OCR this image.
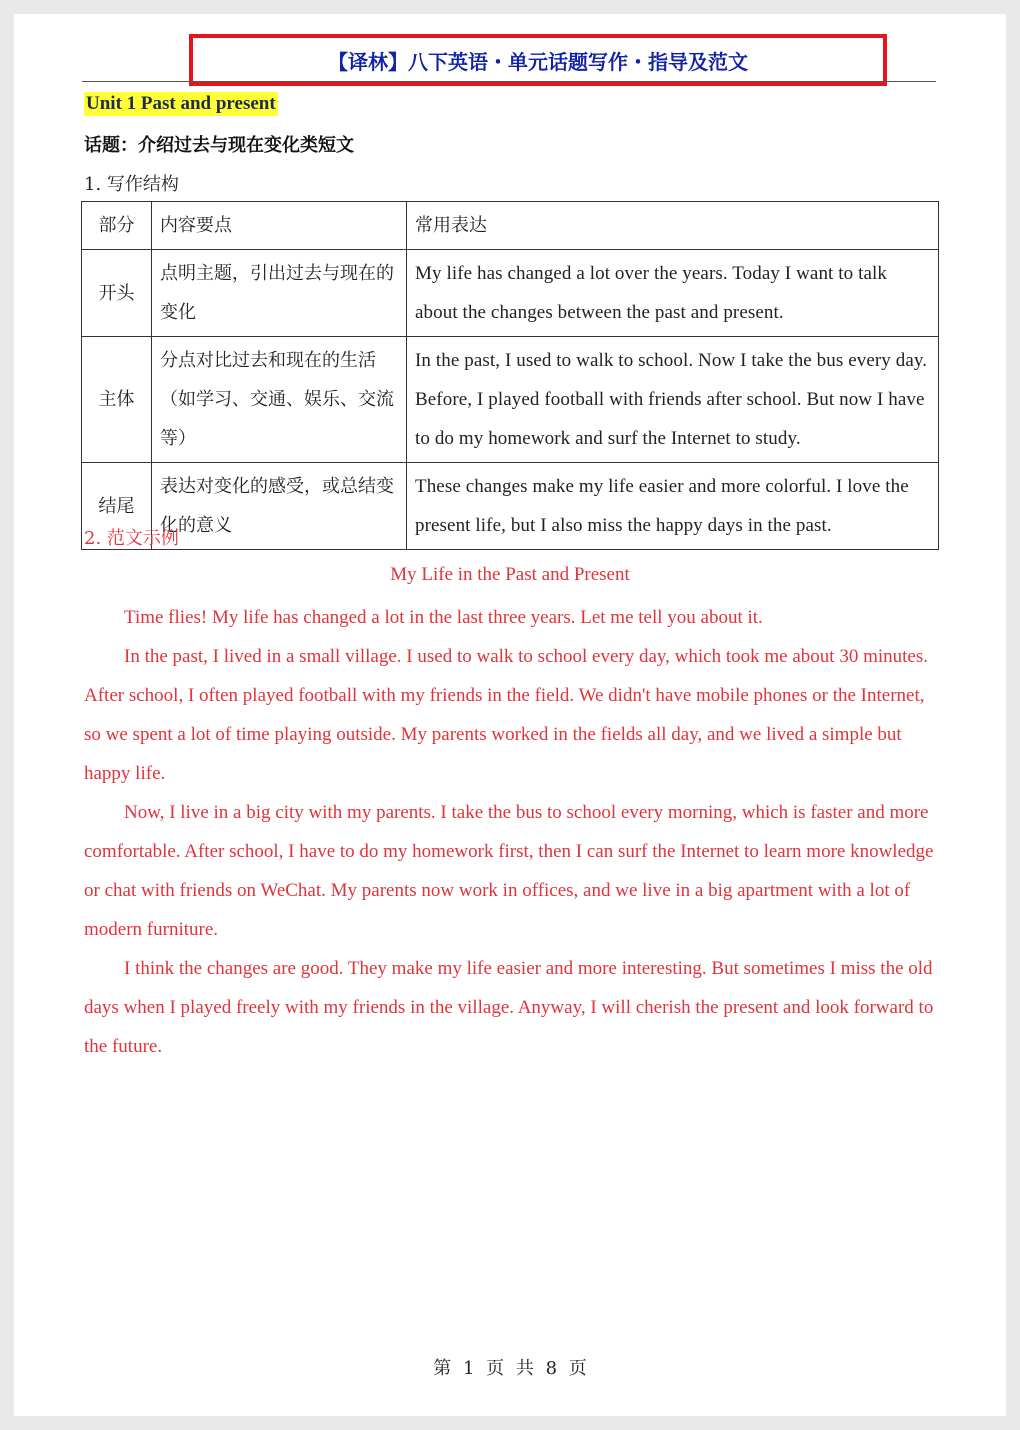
【译林】八下英语・单元话题写作・指导及范文
Unit 1 Past and present
话题：介绍过去与现在变化类短文
1. 写作结构
部分	内容要点	常用表达
开头	点明主题，引出过去与现在的变化	My life has changed a lot over the years. Today I want to talk about the changes between the past and present.
主体	分点对比过去和现在的生活（如学习、交通、娱乐、交流等）	In the past, I used to walk to school. Now I take the bus every day. Before, I played football with friends after school. But now I have to do my homework and surf the Internet to study.
结尾	表达对变化的感受，或总结变化的意义	These changes make my life easier and more colorful. I love the present life, but I also miss the happy days in the past.
2. 范文示例
My Life in the Past and Present

Time flies! My life has changed a lot in the last three years. Let me tell you about it.

In the past, I lived in a small village. I used to walk to school every day, which took me about 30 minutes. After school, I often played football with my friends in the field. We didn't have mobile phones or the Internet, so we spent a lot of time playing outside. My parents worked in the fields all day, and we lived a simple but happy life.

Now, I live in a big city with my parents. I take the bus to school every morning, which is faster and more comfortable. After school, I have to do my homework first, then I can surf the Internet to learn more knowledge or chat with friends on WeChat. My parents now work in offices, and we live in a big apartment with a lot of modern furniture.

I think the changes are good. They make my life easier and more interesting. But sometimes I miss the old days when I played freely with my friends in the village. Anyway, I will cherish the present and look forward to the future.

第 1 页 共 8 页
